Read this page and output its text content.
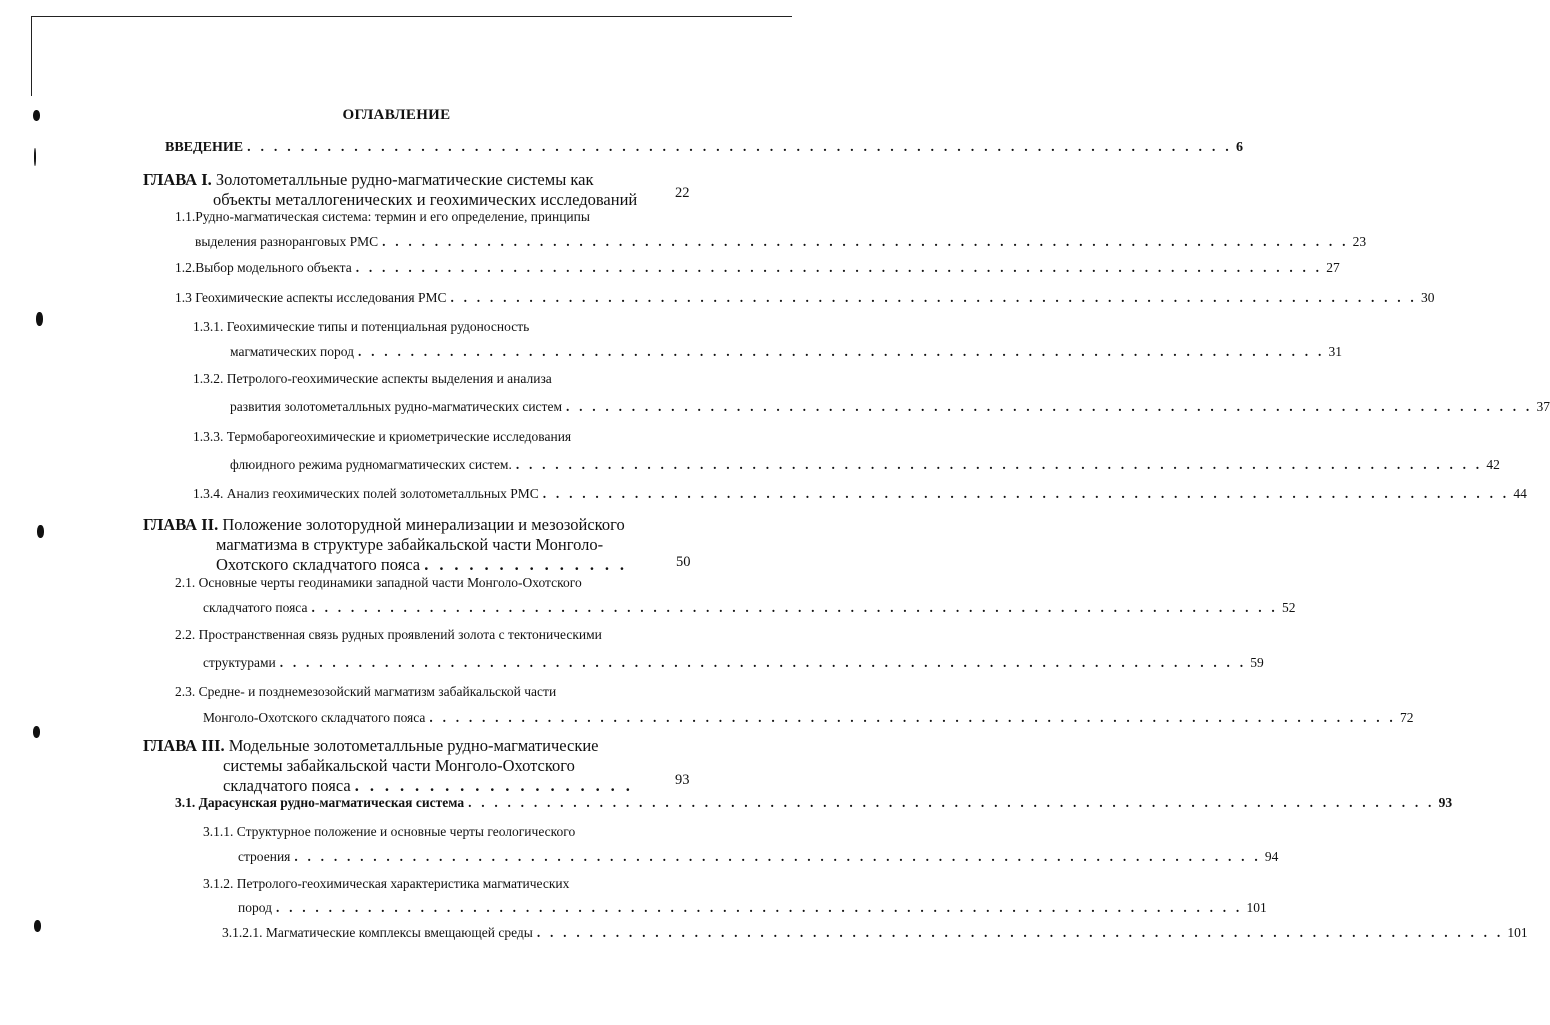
ОГЛАВЛЕНИЕ
ВВЕДЕНИЕ . . . . . . . . . . . . . . . . . . . . . . . . . . . . . . . . . . . . . . . . . . . . . . . . . . . . . . . . . . . . . . . . . . . . . . . . . . 6
ГЛАВА I. Золотометалльные рудно-магматические системы как
объекты металлогенических и геохимических исследований	22
1.1.Рудно-магматическая система: термин и его определение, принципы
выделения разноранговых РМС . . . . . . . . . . . . . . . . . . . . . . . . . . . . . . . . . . . . . . . . . . . . . . . . . . . . . . . . . . . . . . . . . . . . . . . . . . 23
1.2.Выбор модельного объекта . . . . . . . . . . . . . . . . . . . . . . . . . . . . . . . . . . . . . . . . . . . . . . . . . . . . . . . . . . . . . . . . . . . . . . . . . . 27
1.3 Геохимические аспекты исследования РМС . . . . . . . . . . . . . . . . . . . . . . . . . . . . . . . . . . . . . . . . . . . . . . . . . . . . . . . . . . . . . . . . . . . . . . . . . . 30
1.3.1. Геохимические типы и потенциальная рудоносность
магматических пород . . . . . . . . . . . . . . . . . . . . . . . . . . . . . . . . . . . . . . . . . . . . . . . . . . . . . . . . . . . . . . . . . . . . . . . . . . 31
1.3.2. Петролого-геохимические аспекты выделения и анализа
развития золотометалльных рудно-магматических систем . . . . . . . . . . . . . . . . . . . . . . . . . . . . . . . . . . . . . . . . . . . . . . . . . . . . . . . . . . . . . . . . . . . . . . . . . . 37
1.3.3. Термобарогеохимические и криометрические исследования
флюидного режима рудномагматических систем. . . . . . . . . . . . . . . . . . . . . . . . . . . . . . . . . . . . . . . . . . . . . . . . . . . . . . . . . . . . . . . . . . . . . . . . . . . 42
1.3.4. Анализ геохимических полей золотометалльных РМС . . . . . . . . . . . . . . . . . . . . . . . . . . . . . . . . . . . . . . . . . . . . . . . . . . . . . . . . . . . . . . . . . . . . . . . . . . 44
ГЛАВА II. Положение золоторудной минерализации и мезозойского
магматизма в структуре забайкальской части Монголо-
Охотского складчатого пояса . . . . . . . . . . . . . .	50
2.1. Основные черты геодинамики западной части Монголо-Охотского
складчатого пояса . . . . . . . . . . . . . . . . . . . . . . . . . . . . . . . . . . . . . . . . . . . . . . . . . . . . . . . . . . . . . . . . . . . . . . . . . . 52
2.2. Пространственная связь рудных проявлений золота с тектоническими
структурами . . . . . . . . . . . . . . . . . . . . . . . . . . . . . . . . . . . . . . . . . . . . . . . . . . . . . . . . . . . . . . . . . . . . . . . . . . 59
2.3. Средне- и позднемезозойский магматизм забайкальской части
Монголо-Охотского складчатого пояса . . . . . . . . . . . . . . . . . . . . . . . . . . . . . . . . . . . . . . . . . . . . . . . . . . . . . . . . . . . . . . . . . . . . . . . . . . 72
ГЛАВА III. Модельные золотометалльные рудно-магматические
системы забайкальской части Монголо-Охотского
складчатого пояса . . . . . . . . . . . . . . . . . . .	93
3.1. Дарасунская рудно-магматическая система . . . . . . . . . . . . . . . . . . . . . . . . . . . . . . . . . . . . . . . . . . . . . . . . . . . . . . . . . . . . . . . . . . . . . . . . . . 93
3.1.1. Структурное положение и основные черты геологического
строения . . . . . . . . . . . . . . . . . . . . . . . . . . . . . . . . . . . . . . . . . . . . . . . . . . . . . . . . . . . . . . . . . . . . . . . . . . 94
3.1.2. Петролого-геохимическая характеристика магматических
пород . . . . . . . . . . . . . . . . . . . . . . . . . . . . . . . . . . . . . . . . . . . . . . . . . . . . . . . . . . . . . . . . . . . . . . . . . . 101
3.1.2.1. Магматические комплексы вмещающей среды . . . . . . . . . . . . . . . . . . . . . . . . . . . . . . . . . . . . . . . . . . . . . . . . . . . . . . . . . . . . . . . . . . . . . . . . . . 101
